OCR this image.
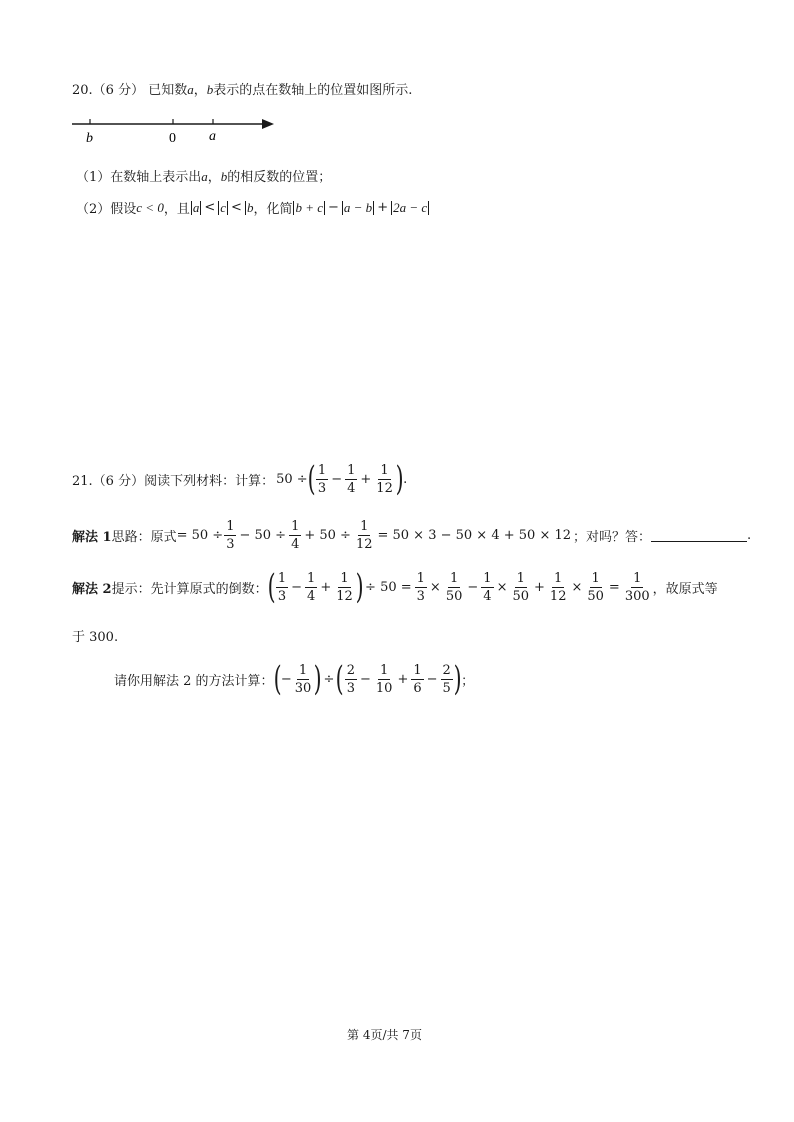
20.（6 分） 已知数a，b表示的点在数轴上的位置如图所示.
b	0 a
（1）在数轴上表示出a，b的相反数的位置；
（2）假设 c < 0 ，且 a < c < b ，化简 b + c − a − b + 2a − c
21.（6 分）阅读下列材料：计算： 50 ÷ ( $\frac{1}{3} - \frac{1}{4} + \frac{1}{12}$ ) .
解法 1 思路：原式 = $50 \div \frac{1}{3} - 50 \div \frac{1}{4} + 50 \div \frac{1}{12} = 50 \times 3 - 50 \times 4 + 50 \times 12$ ；对吗？答：	.
解法 2 提示：先计算原式的倒数： ( $\frac{1}{3} - \frac{1}{4} + \frac{1}{12}$ ) ÷ $50 = \frac{1}{3} \times \frac{1}{50} - \frac{1}{4} \times \frac{1}{50} + \frac{1}{12} \times \frac{1}{50} = \frac{1}{300}$ ，故原式等
于 300.
请你用解法 2 的方法计算： ( − $\frac{1}{30}$ ) ÷ ( $\frac{2}{3} - \frac{1}{10} + \frac{1}{6} - \frac{2}{5}$ ) ；
第 4页/共 7页
